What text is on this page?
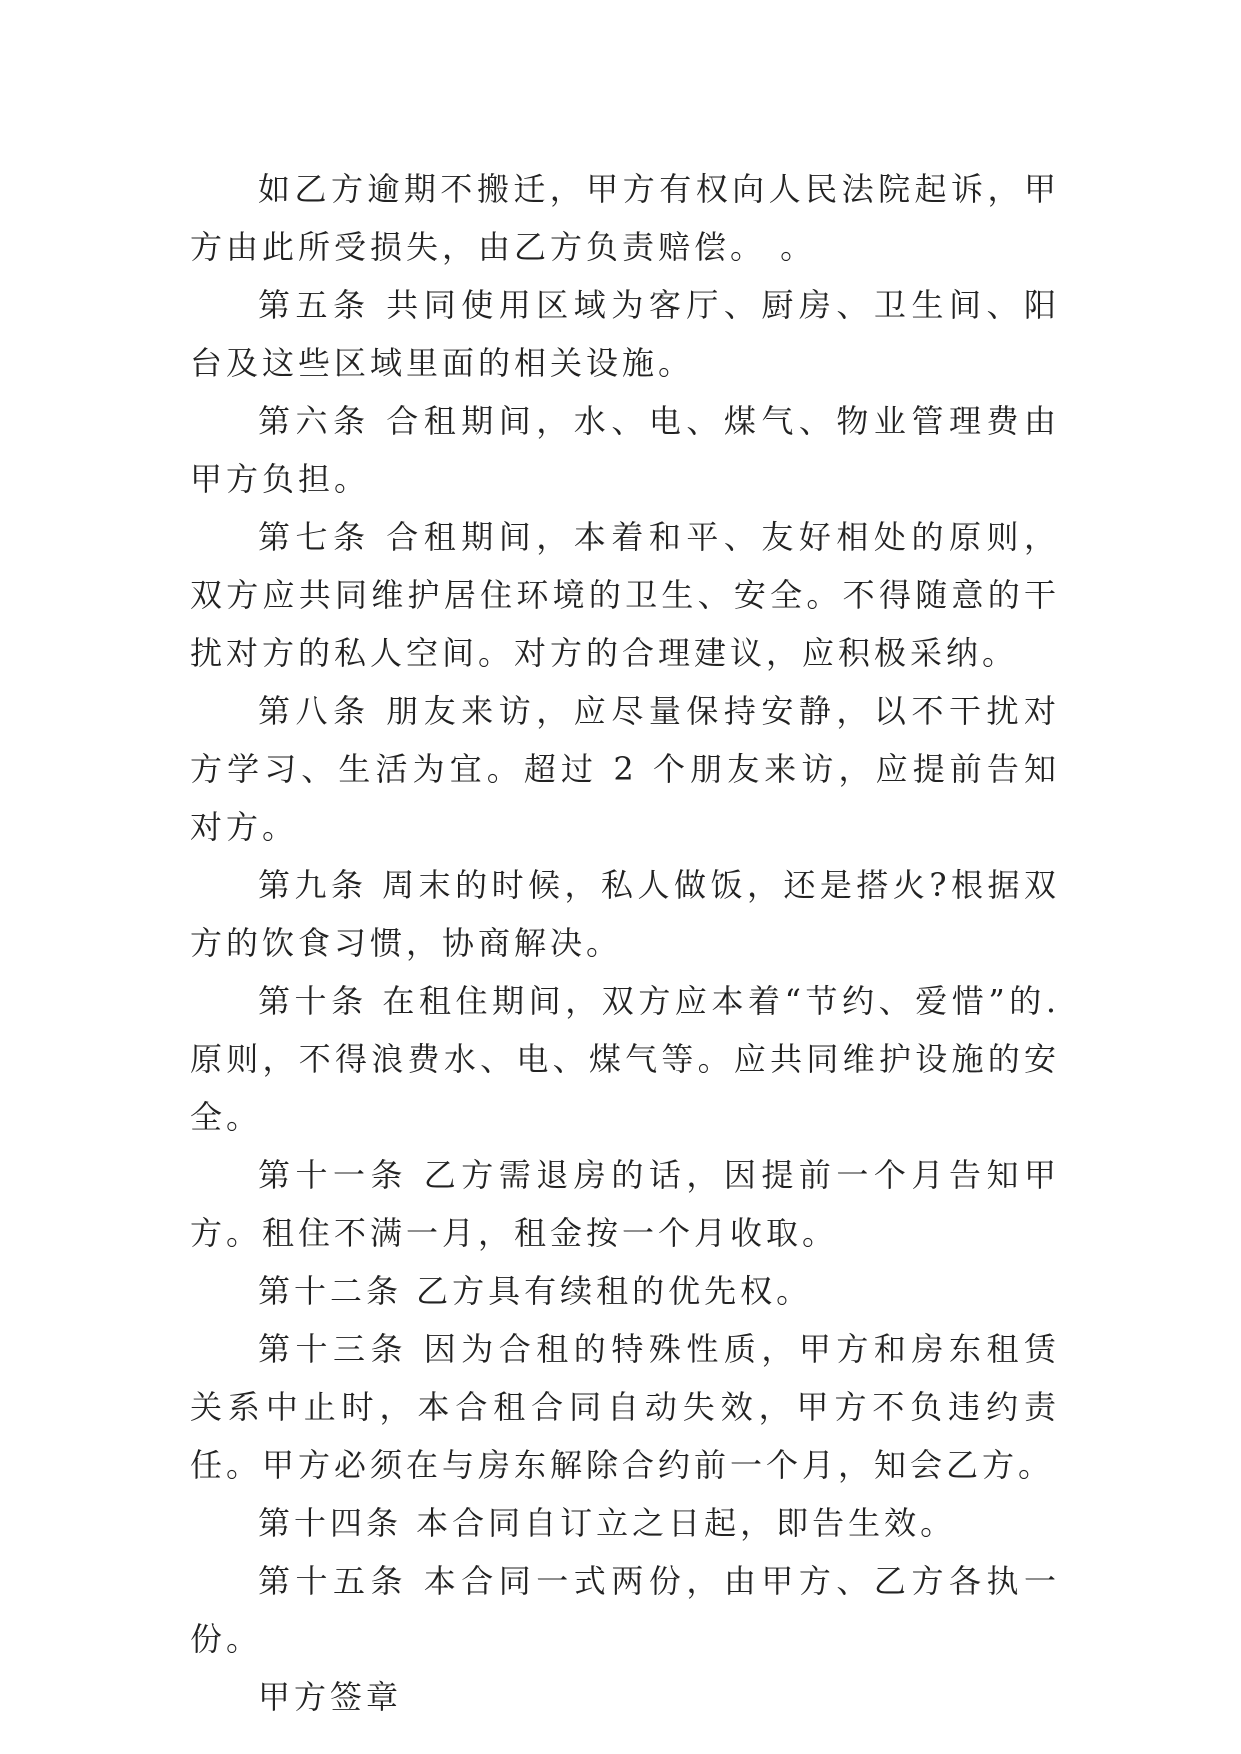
如乙方逾期不搬迁，甲方有权向人民法院起诉，甲方由此所受损失，由乙方负责赔偿。 。

第五条 共同使用区域为客厅、厨房、卫生间、阳台及这些区域里面的相关设施。

第六条 合租期间，水、电、煤气、物业管理费由甲方负担。

第七条 合租期间，本着和平、友好相处的原则，双方应共同维护居住环境的卫生、安全。不得随意的干扰对方的私人空间。对方的合理建议，应积极采纳。

第八条 朋友来访，应尽量保持安静，以不干扰对方学习、生活为宜。超过 2 个朋友来访，应提前告知对方。

第九条 周末的时候，私人做饭，还是搭火?根据双方的饮食习惯，协商解决。

第十条 在租住期间，双方应本着“节约、爱惜”的.原则，不得浪费水、电、煤气等。应共同维护设施的安全。

第十一条 乙方需退房的话，因提前一个月告知甲方。租住不满一月，租金按一个月收取。

第十二条 乙方具有续租的优先权。

第十三条 因为合租的特殊性质，甲方和房东租赁关系中止时，本合租合同自动失效，甲方不负违约责任。甲方必须在与房东解除合约前一个月，知会乙方。

第十四条 本合同自订立之日起，即告生效。

第十五条 本合同一式两份，由甲方、乙方各执一份。

甲方签章
